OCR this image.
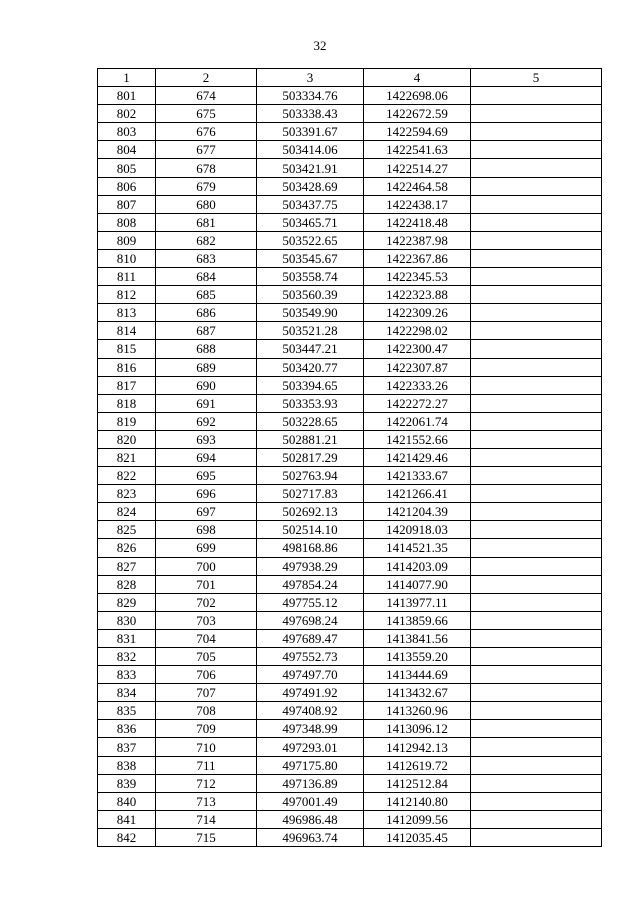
32
1	2	3	4	5
801	674	503334.76	1422698.06	
802	675	503338.43	1422672.59	
803	676	503391.67	1422594.69	
804	677	503414.06	1422541.63	
805	678	503421.91	1422514.27	
806	679	503428.69	1422464.58	
807	680	503437.75	1422438.17	
808	681	503465.71	1422418.48	
809	682	503522.65	1422387.98	
810	683	503545.67	1422367.86	
811	684	503558.74	1422345.53	
812	685	503560.39	1422323.88	
813	686	503549.90	1422309.26	
814	687	503521.28	1422298.02	
815	688	503447.21	1422300.47	
816	689	503420.77	1422307.87	
817	690	503394.65	1422333.26	
818	691	503353.93	1422272.27	
819	692	503228.65	1422061.74	
820	693	502881.21	1421552.66	
821	694	502817.29	1421429.46	
822	695	502763.94	1421333.67	
823	696	502717.83	1421266.41	
824	697	502692.13	1421204.39	
825	698	502514.10	1420918.03	
826	699	498168.86	1414521.35	
827	700	497938.29	1414203.09	
828	701	497854.24	1414077.90	
829	702	497755.12	1413977.11	
830	703	497698.24	1413859.66	
831	704	497689.47	1413841.56	
832	705	497552.73	1413559.20	
833	706	497497.70	1413444.69	
834	707	497491.92	1413432.67	
835	708	497408.92	1413260.96	
836	709	497348.99	1413096.12	
837	710	497293.01	1412942.13	
838	711	497175.80	1412619.72	
839	712	497136.89	1412512.84	
840	713	497001.49	1412140.80	
841	714	496986.48	1412099.56	
842	715	496963.74	1412035.45	
